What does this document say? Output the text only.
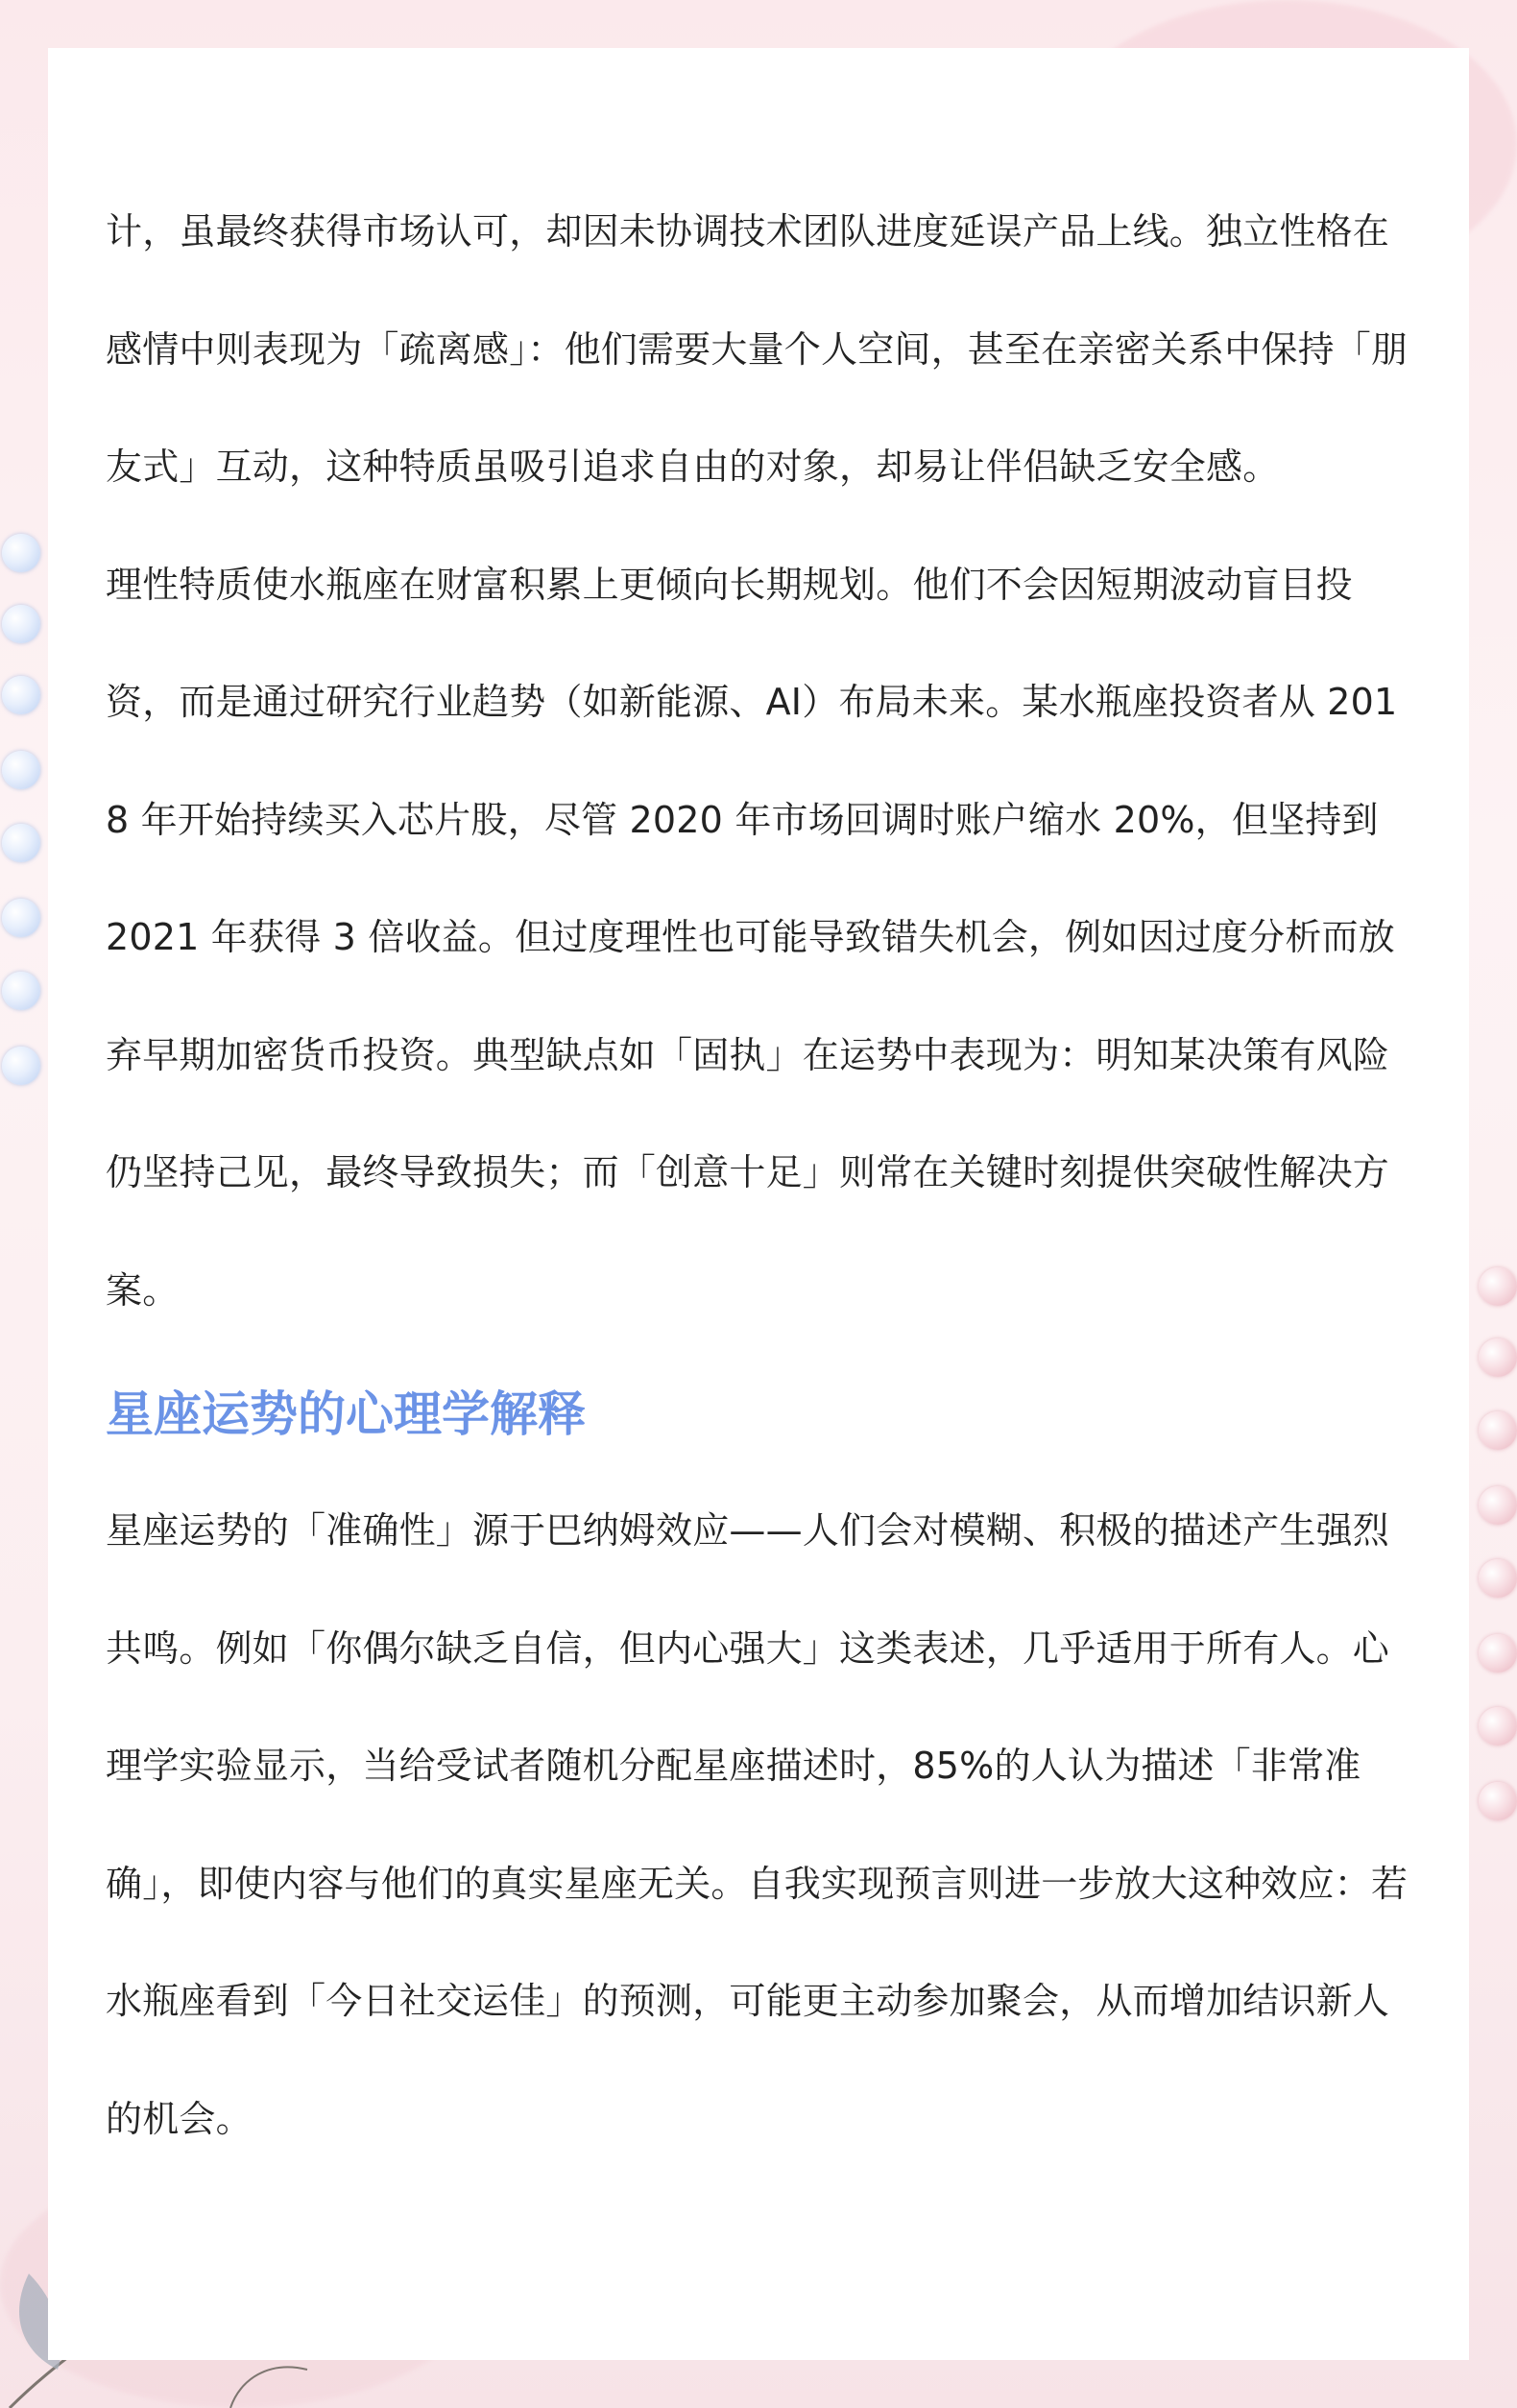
计，虽最终获得市场认可，却因未协调技术团队进度延误产品上线。独立性格在感情中则表现为「疏离感」：他们需要大量个人空间，甚至在亲密关系中保持「朋友式」互动，这种特质虽吸引追求自由的对象，却易让伴侣缺乏安全感。

理性特质使水瓶座在财富积累上更倾向长期规划。他们不会因短期波动盲目投资，而是通过研究行业趋势（如新能源、AI）布局未来。某水瓶座投资者从 2018 年开始持续买入芯片股，尽管 2020 年市场回调时账户缩水 20%，但坚持到 2021 年获得 3 倍收益。但过度理性也可能导致错失机会，例如因过度分析而放弃早期加密货币投资。典型缺点如「固执」在运势中表现为：明知某决策有风险仍坚持己见，最终导致损失；而「创意十足」则常在关键时刻提供突破性解决方案。

星座运势的心理学解释

星座运势的「准确性」源于巴纳姆效应——人们会对模糊、积极的描述产生强烈共鸣。例如「你偶尔缺乏自信，但内心强大」这类表述，几乎适用于所有人。心理学实验显示，当给受试者随机分配星座描述时，85%的人认为描述「非常准确」，即使内容与他们的真实星座无关。自我实现预言则进一步放大这种效应：若水瓶座看到「今日社交运佳」的预测，可能更主动参加聚会，从而增加结识新人的机会。
